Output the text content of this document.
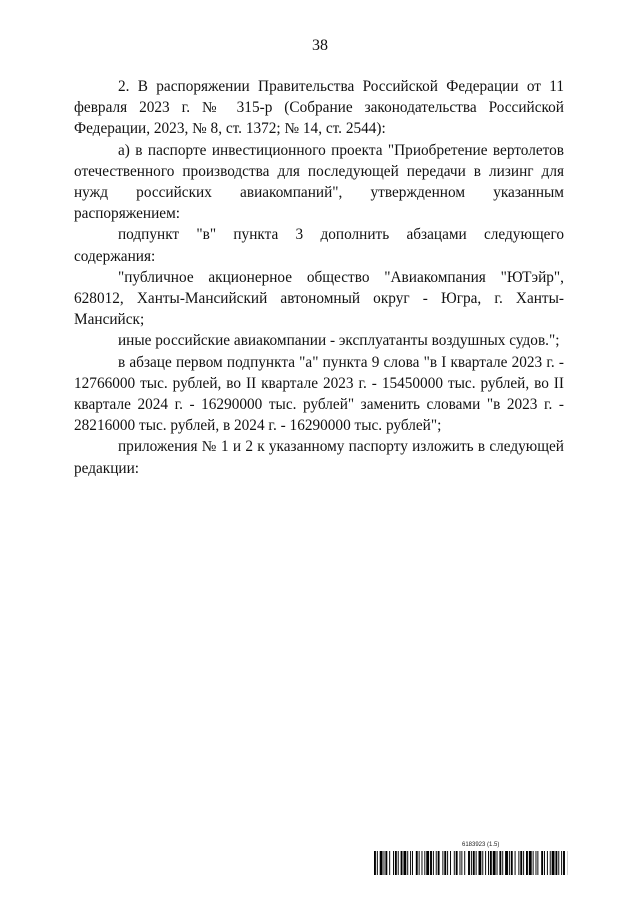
38

2. В распоряжении Правительства Российской Федерации от 11 февраля 2023 г. № 315-р (Собрание законодательства Российской Федерации, 2023, № 8, ст. 1372; № 14, ст. 2544):

а) в паспорте инвестиционного проекта "Приобретение вертолетов отечественного производства для последующей передачи в лизинг для нужд российских авиакомпаний", утвержденном указанным распоряжением:

подпункт "в" пункта 3 дополнить абзацами следующего содержания:

"публичное акционерное общество "Авиакомпания "ЮТэйр", 628012, Ханты-Мансийский автономный округ - Югра, г. Ханты-Мансийск;

иные российские авиакомпании - эксплуатанты воздушных судов.";

в абзаце первом подпункта "а" пункта 9 слова "в I квартале 2023 г. - 12766000 тыс. рублей, во II квартале 2023 г. - 15450000 тыс. рублей, во II квартале 2024 г. - 16290000 тыс. рублей" заменить словами "в 2023 г. - 28216000 тыс. рублей, в 2024 г. - 16290000 тыс. рублей";

приложения № 1 и 2 к указанному паспорту изложить в следующей редакции:

6183923 (1.5)
